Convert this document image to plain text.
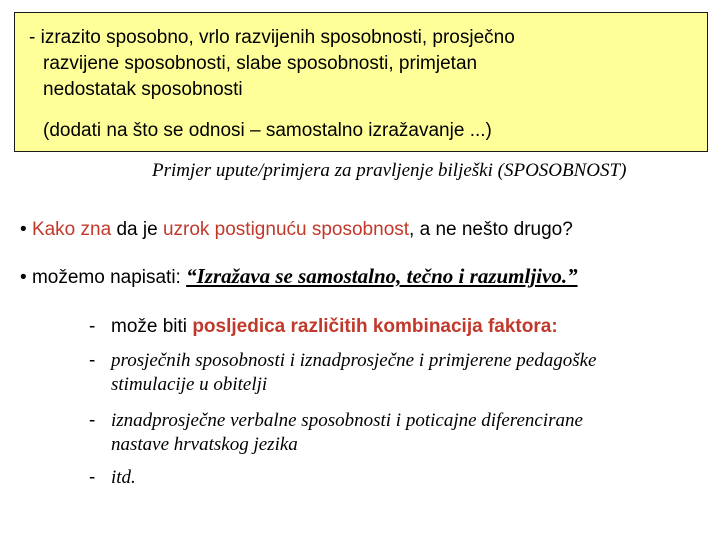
- izrazito sposobno, vrlo razvijenih sposobnosti, prosječno
razvijene sposobnosti, slabe sposobnosti, primjetan
nedostatak sposobnosti
(dodati na što se odnosi – samostalno izražavanje ...)
Primjer upute/primjera za pravljenje bilješki (SPOSOBNOST)
• Kako zna da je uzrok postignuću sposobnost, a ne nešto drugo?
• možemo napisati: “Izražava se samostalno, tečno i razumljivo.”
- može biti posljedica različitih kombinacija faktora:
- prosječnih sposobnosti i iznadprosječne i primjerene pedagoške
stimulacije u obitelji
- iznadprosječne verbalne sposobnosti i poticajne diferencirane
nastave hrvatskog jezika
- itd.
